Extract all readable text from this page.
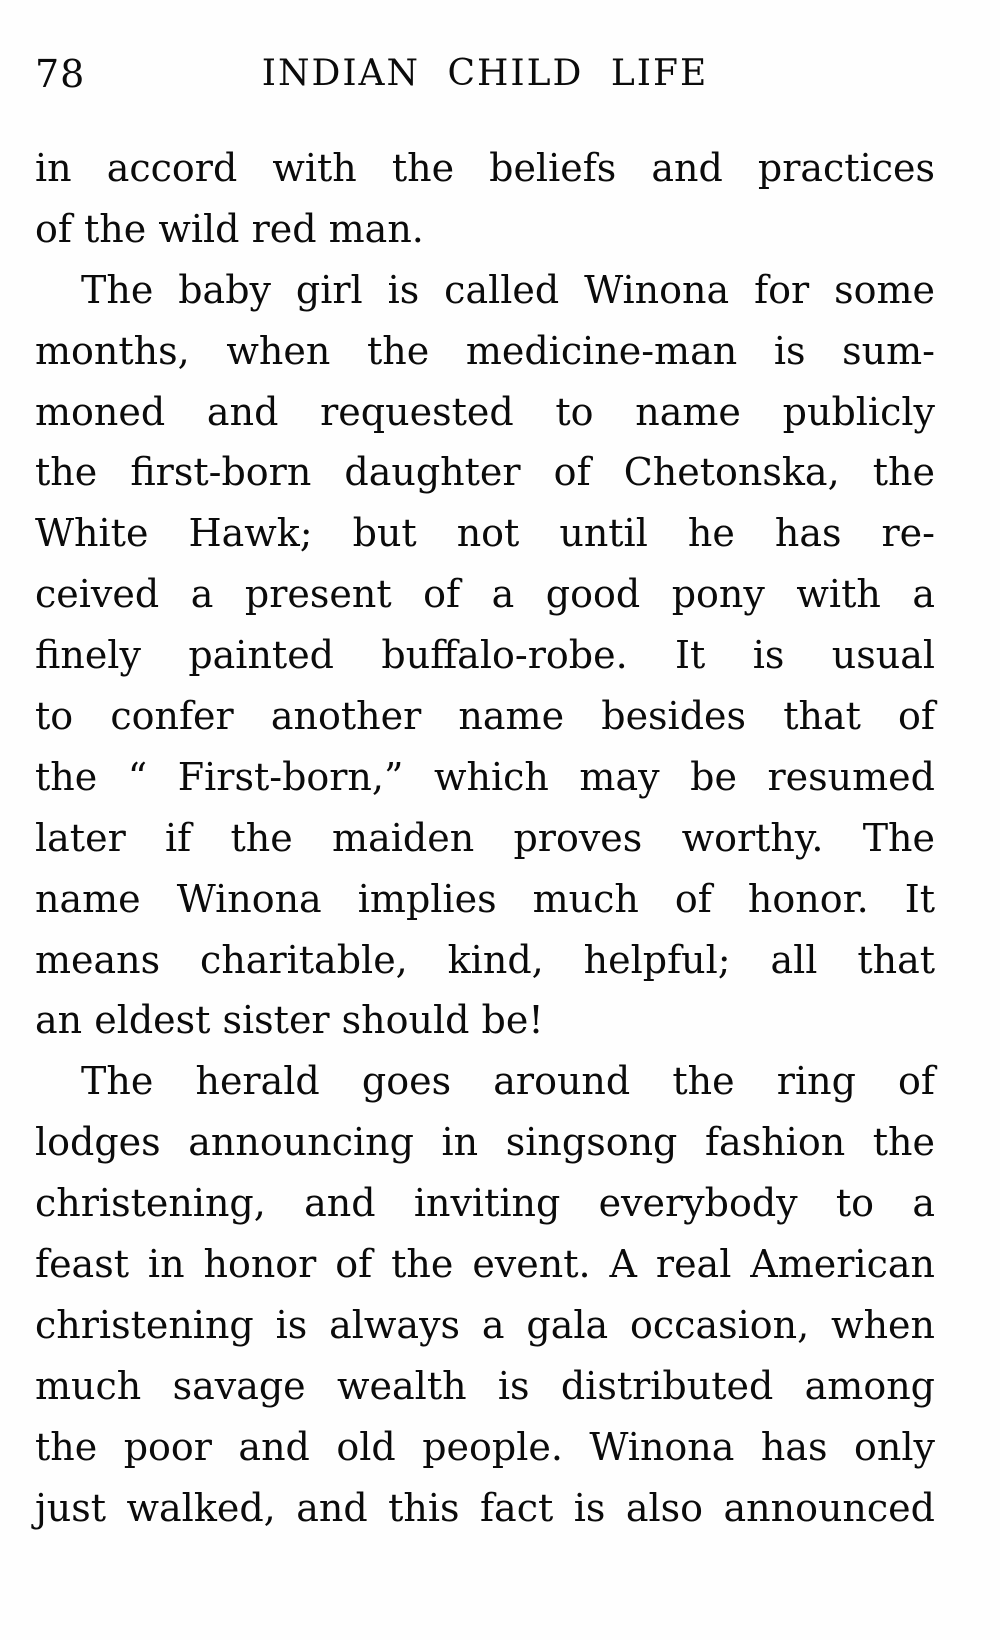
INDIAN CHILD LIFE
78
in accord with the beliefs and practices
of the wild red man.
The baby girl is called Winona for some
months, when the medicine-man is sum-
moned and requested to name publicly
the first-born daughter of Chetonska, the
White Hawk; but not until he has re-
ceived a present of a good pony with a
finely painted buffalo-robe. It is usual
to confer another name besides that of
the “ First-born,” which may be resumed
later if the maiden proves worthy. The
name Winona implies much of honor. It
means charitable, kind, helpful; all that
an eldest sister should be!
The herald goes around the ring of
lodges announcing in singsong fashion the
christening, and inviting everybody to a
feast in honor of the event. A real American
christening is always a gala occasion, when
much savage wealth is distributed among
the poor and old people. Winona has only
just walked, and this fact is also announced
